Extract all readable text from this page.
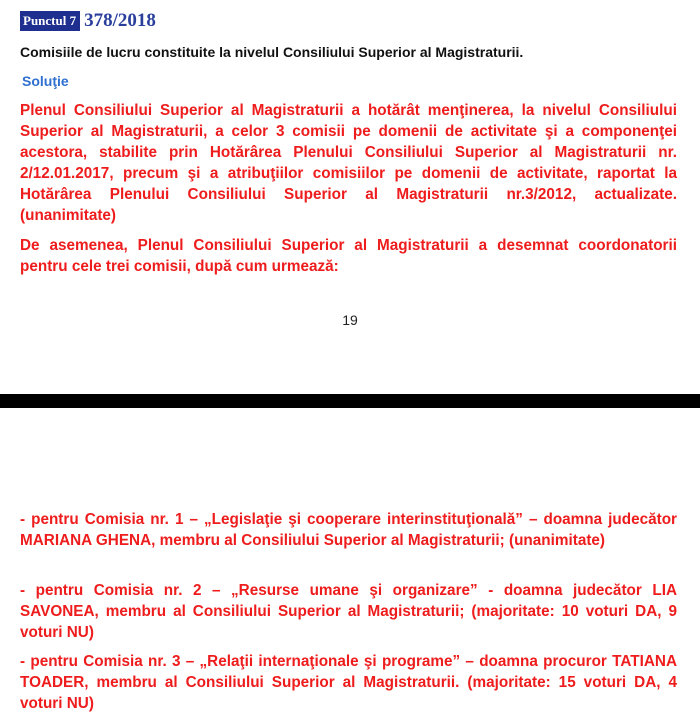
Punctul 7 378/2018
Comisiile de lucru constituite la nivelul Consiliului Superior al Magistraturii.
Soluţie

Plenul Consiliului Superior al Magistraturii a hotărât menţinerea, la nivelul Consiliului Superior al Magistraturii, a celor 3 comisii pe domenii de activitate şi a componenţei acestora, stabilite prin Hotărârea Plenului Consiliului Superior al Magistraturii nr. 2/12.01.2017, precum şi a atribuţiilor comisiilor pe domenii de activitate, raportat la Hotărârea Plenului Consiliului Superior al Magistraturii nr.3/2012, actualizate. (unanimitate)

De asemenea, Plenul Consiliului Superior al Magistraturii a desemnat coordonatorii pentru cele trei comisii, după cum urmează:

19

- pentru Comisia nr. 1 – „Legislaţie şi cooperare interinstituţională” – doamna judecător MARIANA GHENA, membru al Consiliului Superior al Magistraturii; (unanimitate)

- pentru Comisia nr. 2 – „Resurse umane şi organizare” - doamna judecător LIA SAVONEA, membru al Consiliului Superior al Magistraturii; (majoritate: 10 voturi DA, 9 voturi NU)

- pentru Comisia nr. 3 – „Relaţii internaţionale şi programe” – doamna procuror TATIANA TOADER, membru al Consiliului Superior al Magistraturii. (majoritate: 15 voturi DA, 4 voturi NU)
